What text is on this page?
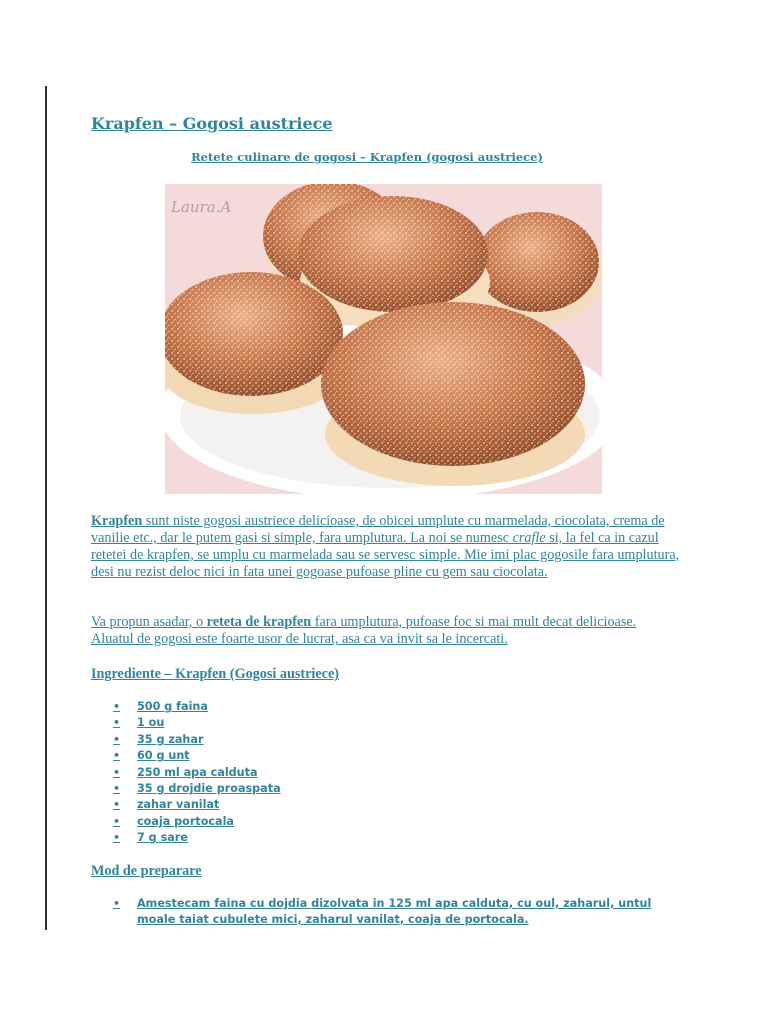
Krapfen – Gogosi austriece

Retete culinare de gogosi – Krapfen (gogosi austriece)

Laura.A

Krapfen sunt niste gogosi austriece delicioase, de obicei umplute cu marmelada, ciocolata, crema de vanilie etc., dar le putem gasi si simple, fara umplutura. La noi se numesc crafle si, la fel ca in cazul retetei de krapfen, se umplu cu marmelada sau se servesc simple. Mie imi plac gogosile fara umplutura, desi nu rezist deloc nici in fata unei gogoase pufoase pline cu gem sau ciocolata.

Va propun asadar, o reteta de krapfen fara umplutura, pufoase foc si mai mult decat delicioase. Aluatul de gogosi este foarte usor de lucrat, asa ca va invit sa le incercati.

Ingrediente – Krapfen (Gogosi austriece)

• 500 g faina
• 1 ou
• 35 g zahar
• 60 g unt
• 250 ml apa calduta
• 35 g drojdie proaspata
• zahar vanilat
• coaja portocala
• 7 g sare

Mod de preparare

•	Amestecam faina cu dojdia dizolvata in 125 ml apa calduta, cu oul, zaharul, untul moale taiat cubulete mici, zaharul vanilat, coaja de portocala.
